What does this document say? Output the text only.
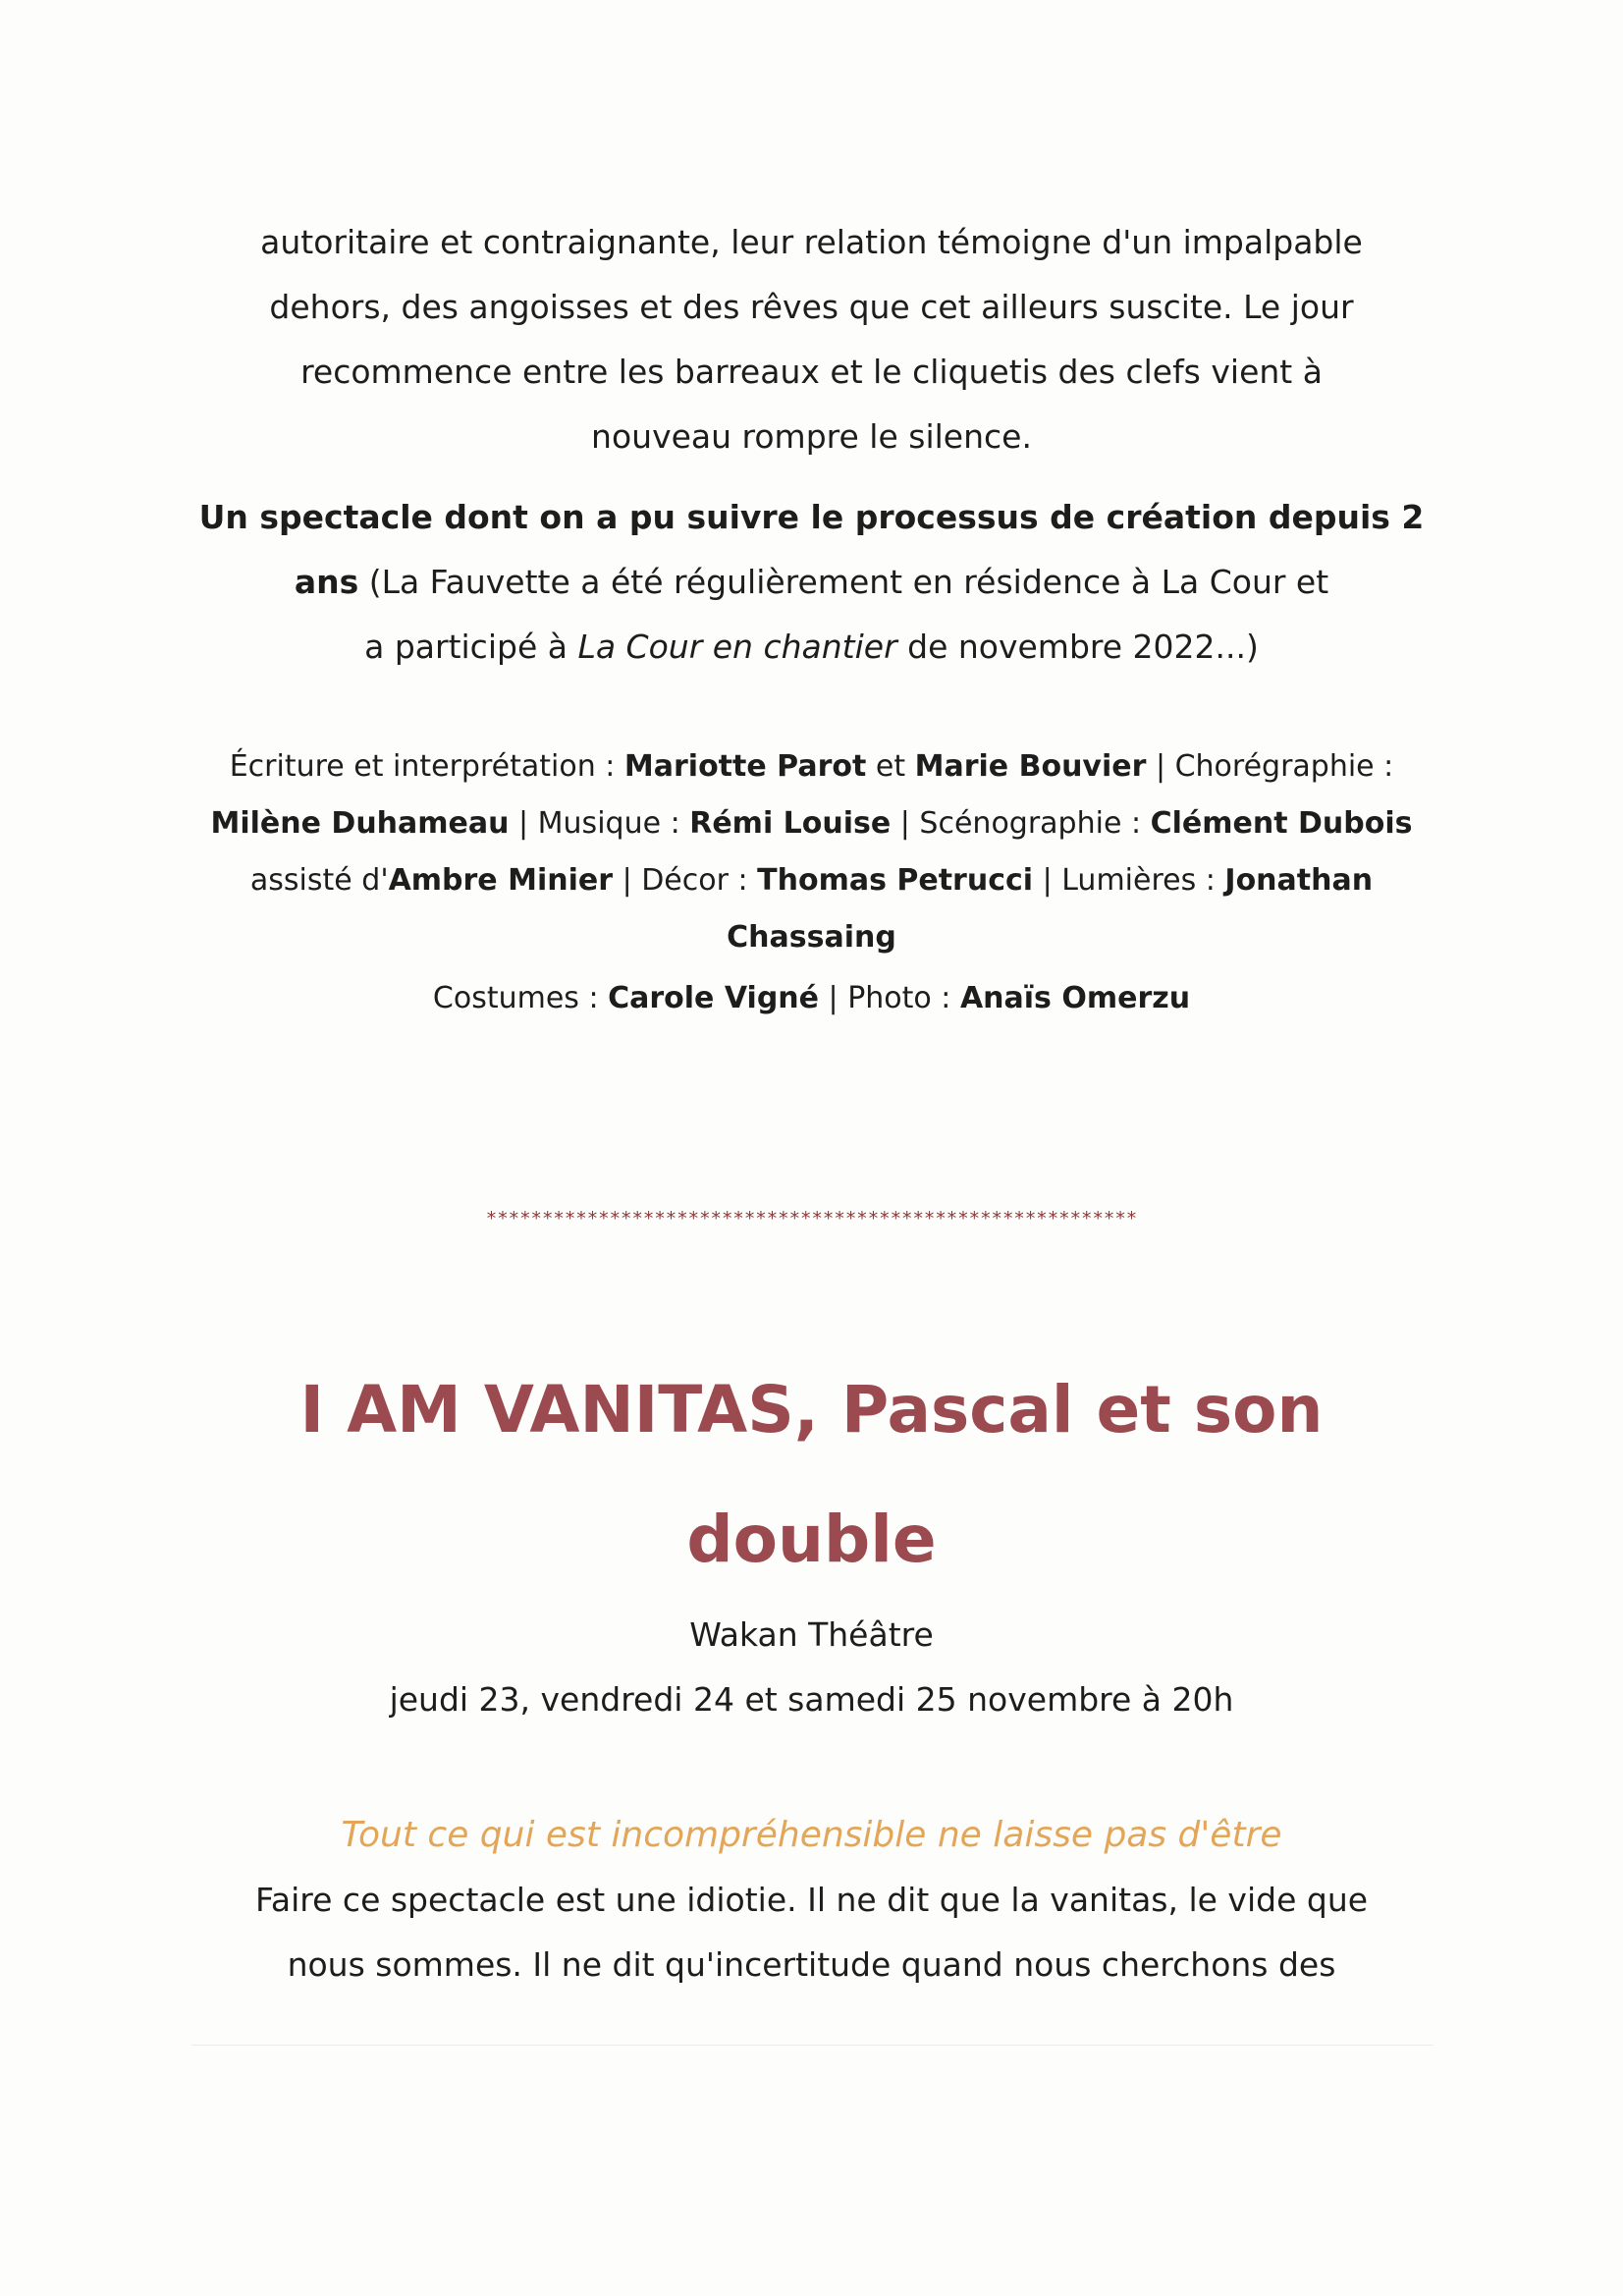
autoritaire et contraignante, leur relation témoigne d'un impalpable
dehors, des angoisses et des rêves que cet ailleurs suscite. Le jour
recommence entre les barreaux et le cliquetis des clefs vient à
nouveau rompre le silence.
Un spectacle dont on a pu suivre le processus de création depuis 2
ans (La Fauvette a été régulièrement en résidence à La Cour et
a participé à La Cour en chantier de novembre 2022...)
Écriture et interprétation : Mariotte Parot et Marie Bouvier | Chorégraphie :
Milène Duhameau | Musique : Rémi Louise | Scénographie : Clément Dubois
assisté d'Ambre Minier | Décor : Thomas Petrucci | Lumières : Jonathan
Chassaing
Costumes : Carole Vigné | Photo : Anaïs Omerzu
**********************************************************
I AM VANITAS, Pascal et son
double
Wakan Théâtre
jeudi 23, vendredi 24 et samedi 25 novembre à 20h
Tout ce qui est incompréhensible ne laisse pas d'être
Faire ce spectacle est une idiotie. Il ne dit que la vanitas, le vide que
nous sommes. Il ne dit qu'incertitude quand nous cherchons des
